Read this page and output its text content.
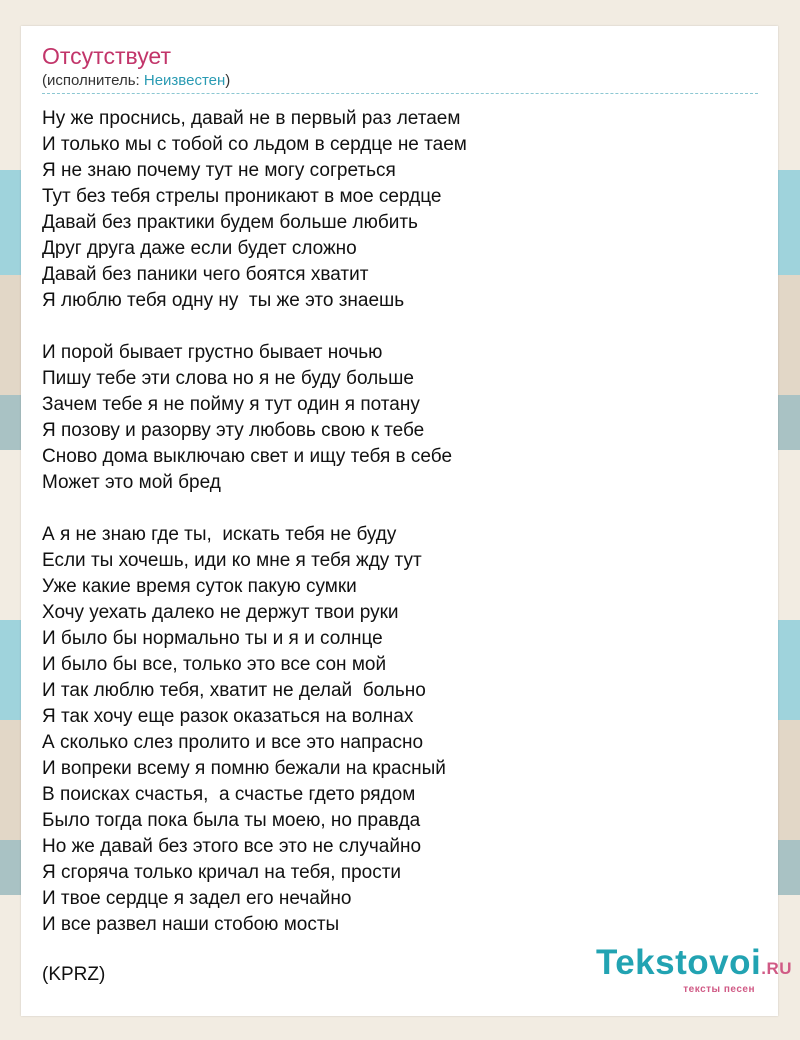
Отсутствует
(исполнитель: Неизвестен)
Ну же проснись, давай не в первый раз летаем
И только мы с тобой со льдом в сердце не таем
Я не знаю почему тут не могу согреться
Тут без тебя стрелы проникают в мое сердце
Давай без практики будем больше любить
Друг друга даже если будет сложно
Давай без паники чего боятся хватит
Я люблю тебя одну ну  ты же это знаешь
И порой бывает грустно бывает ночью
Пишу тебе эти слова но я не буду больше
Зачем тебе я не пойму я тут один я потану
Я позову и разорву эту любовь свою к тебе
Сново дома выключаю свет и ищу тебя в себе
Может это мой бред
А я не знаю где ты,  искать тебя не буду
Если ты хочешь, иди ко мне я тебя жду тут
Уже какие время суток пакую сумки
Хочу уехать далеко не держут твои руки
И было бы нормально ты и я и солнце
И было бы все, только это все сон мой
И так люблю тебя, хватит не делай  больно
Я так хочу еще разок оказаться на волнах
А сколько слез пролито и все это напрасно
И вопреки всему я помню бежали на красный
В поисках счастья,  а счастье гдето рядом
Было тогда пока была ты моею, но правда
Но же давай без этого все это не случайно
Я сгоряча только кричал на тебя, прости
И твое сердце я задел его нечайно
И все развел наши стобою мосты
(KPRZ)	Tekstovoi.RU
тексты песен
